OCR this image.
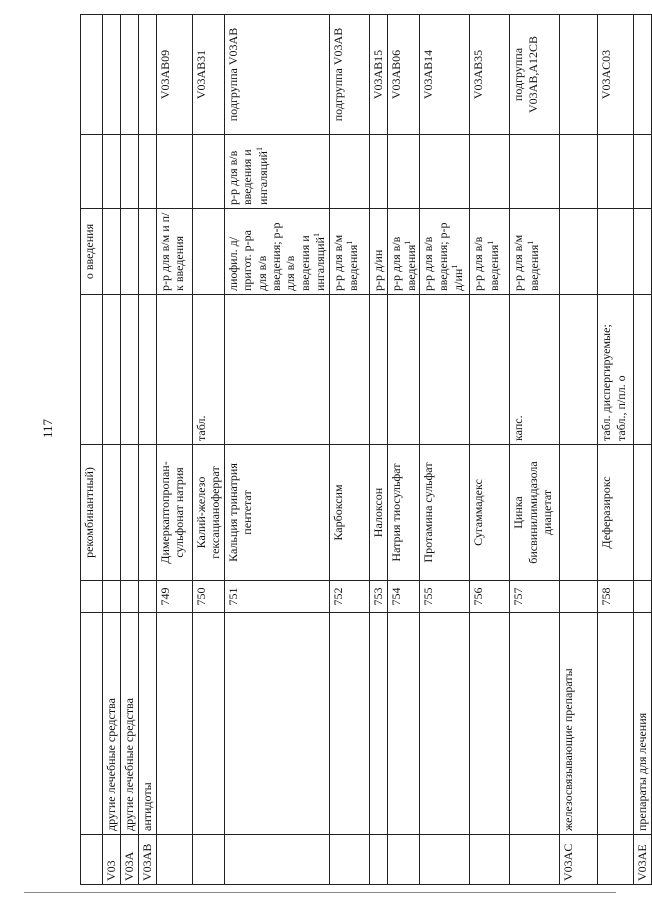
117
			рекомбинантный)		о введения		
V03	другие лечебные средства						
V03A	другие лечебные средства						
V03AB	антидоты						
		749	Димеркаптопропан-сульфонат натрия		р-р для в/м и п/к введения		V03AB09
		750	Калий-железо гексацианоферрат	табл.			V03AB31
		751	Кальция тринатрия пентетат		лиофил. д/пригот. р-ра для в/в введения; р-р для в/в введения и ингаляций$^1$	р-р для в/в введения и ингаляций$^1$	подгруппа V03AB
		752	Карбоксим		р-р для в/м введения$^1$		подгруппа V03AB
		753	Налоксон		р-р д/ин		V03AB15
		754	Натрия тиосульфат		р-р для в/в введения$^1$		V03AB06
		755	Протамина сульфат		р-р для в/в введения; р-р $д/ин^1$		V03AB14
		756	Сугаммадекс		р-р для в/в введения$^1$		V03AB35
		757	Цинка бисвинилимидазола диацетат	капс.	р-р для в/м введения$^1$		подгруппа V03AB,A12CB
V03AC	железосвязывающие препараты						
		758	Деферазирокс	табл. диспергируемые; табл., п/пл. о			V03AC03
V03AE	препараты для лечения						
